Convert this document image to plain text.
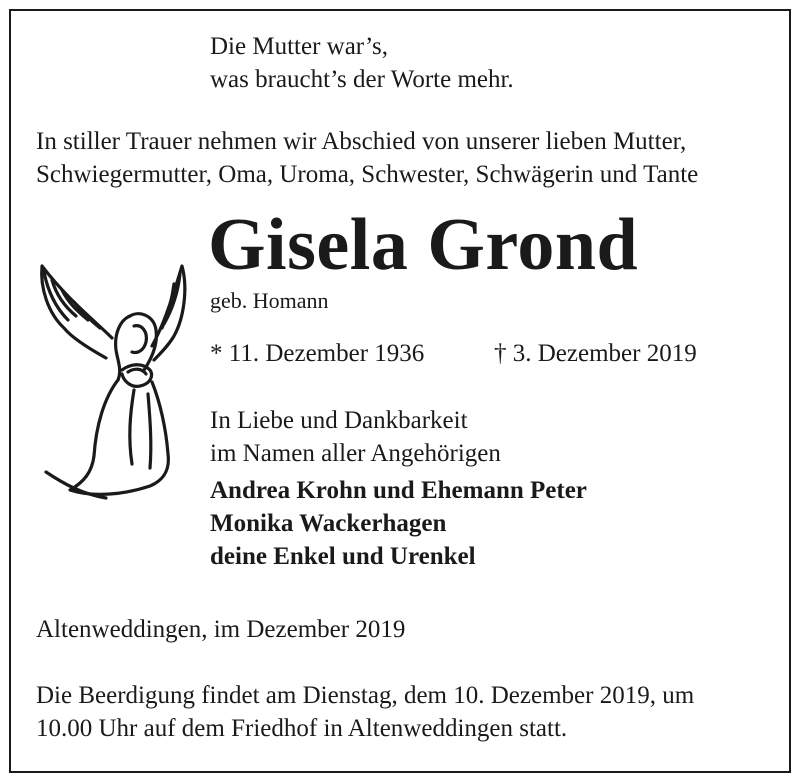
Die Mutter war’s,
was braucht’s der Worte mehr.
In stiller Trauer nehmen wir Abschied von unserer lieben Mutter,
Schwiegermutter, Oma, Uroma, Schwester, Schwägerin und Tante
Gisela Grond
geb. Homann
* 11. Dezember 1936	† 3. Dezember 2019
In Liebe und Dankbarkeit
im Namen aller Angehörigen
Andrea Krohn und Ehemann Peter
Monika Wackerhagen
deine Enkel und Urenkel
Altenweddingen, im Dezember 2019
Die Beerdigung findet am Dienstag, dem 10. Dezember 2019, um
10.00 Uhr auf dem Friedhof in Altenweddingen statt.
